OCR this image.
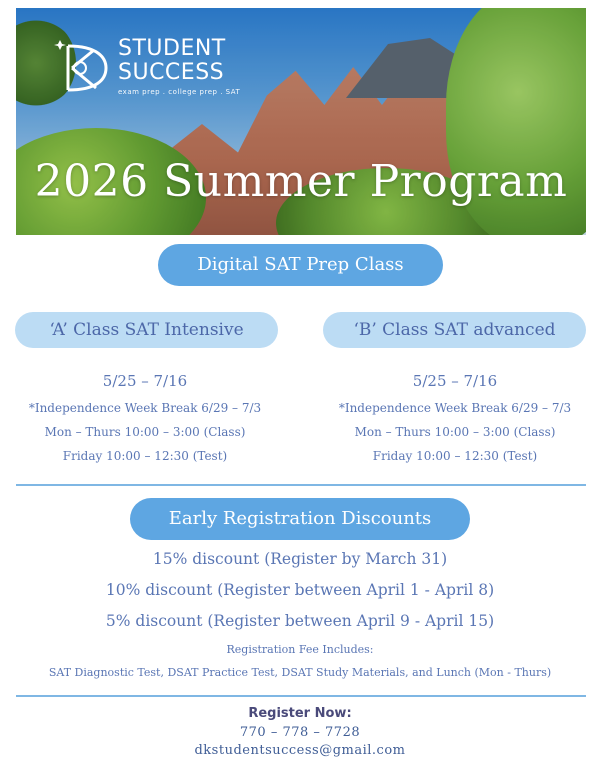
STUDENT
SUCCESS
exam prep . college prep . SAT
2026 Summer Program
Digital SAT Prep Class
‘A’ Class SAT Intensive	‘B’ Class SAT advanced
5/25 – 7/16
*Independence Week Break 6/29 – 7/3
Mon – Thurs 10:00 – 3:00 (Class)
Friday 10:00 – 12:30 (Test)
5/25 – 7/16
*Independence Week Break 6/29 – 7/3
Mon – Thurs 10:00 – 3:00 (Class)
Friday 10:00 – 12:30 (Test)
Early Registration Discounts
15% discount (Register by March 31)
10% discount (Register between April 1 - April 8)
5% discount (Register between April 9 - April 15)
Registration Fee Includes:
SAT Diagnostic Test, DSAT Practice Test, DSAT Study Materials, and Lunch (Mon - Thurs)
Register Now:
770 – 778 – 7728
dkstudentsuccess@gmail.com
